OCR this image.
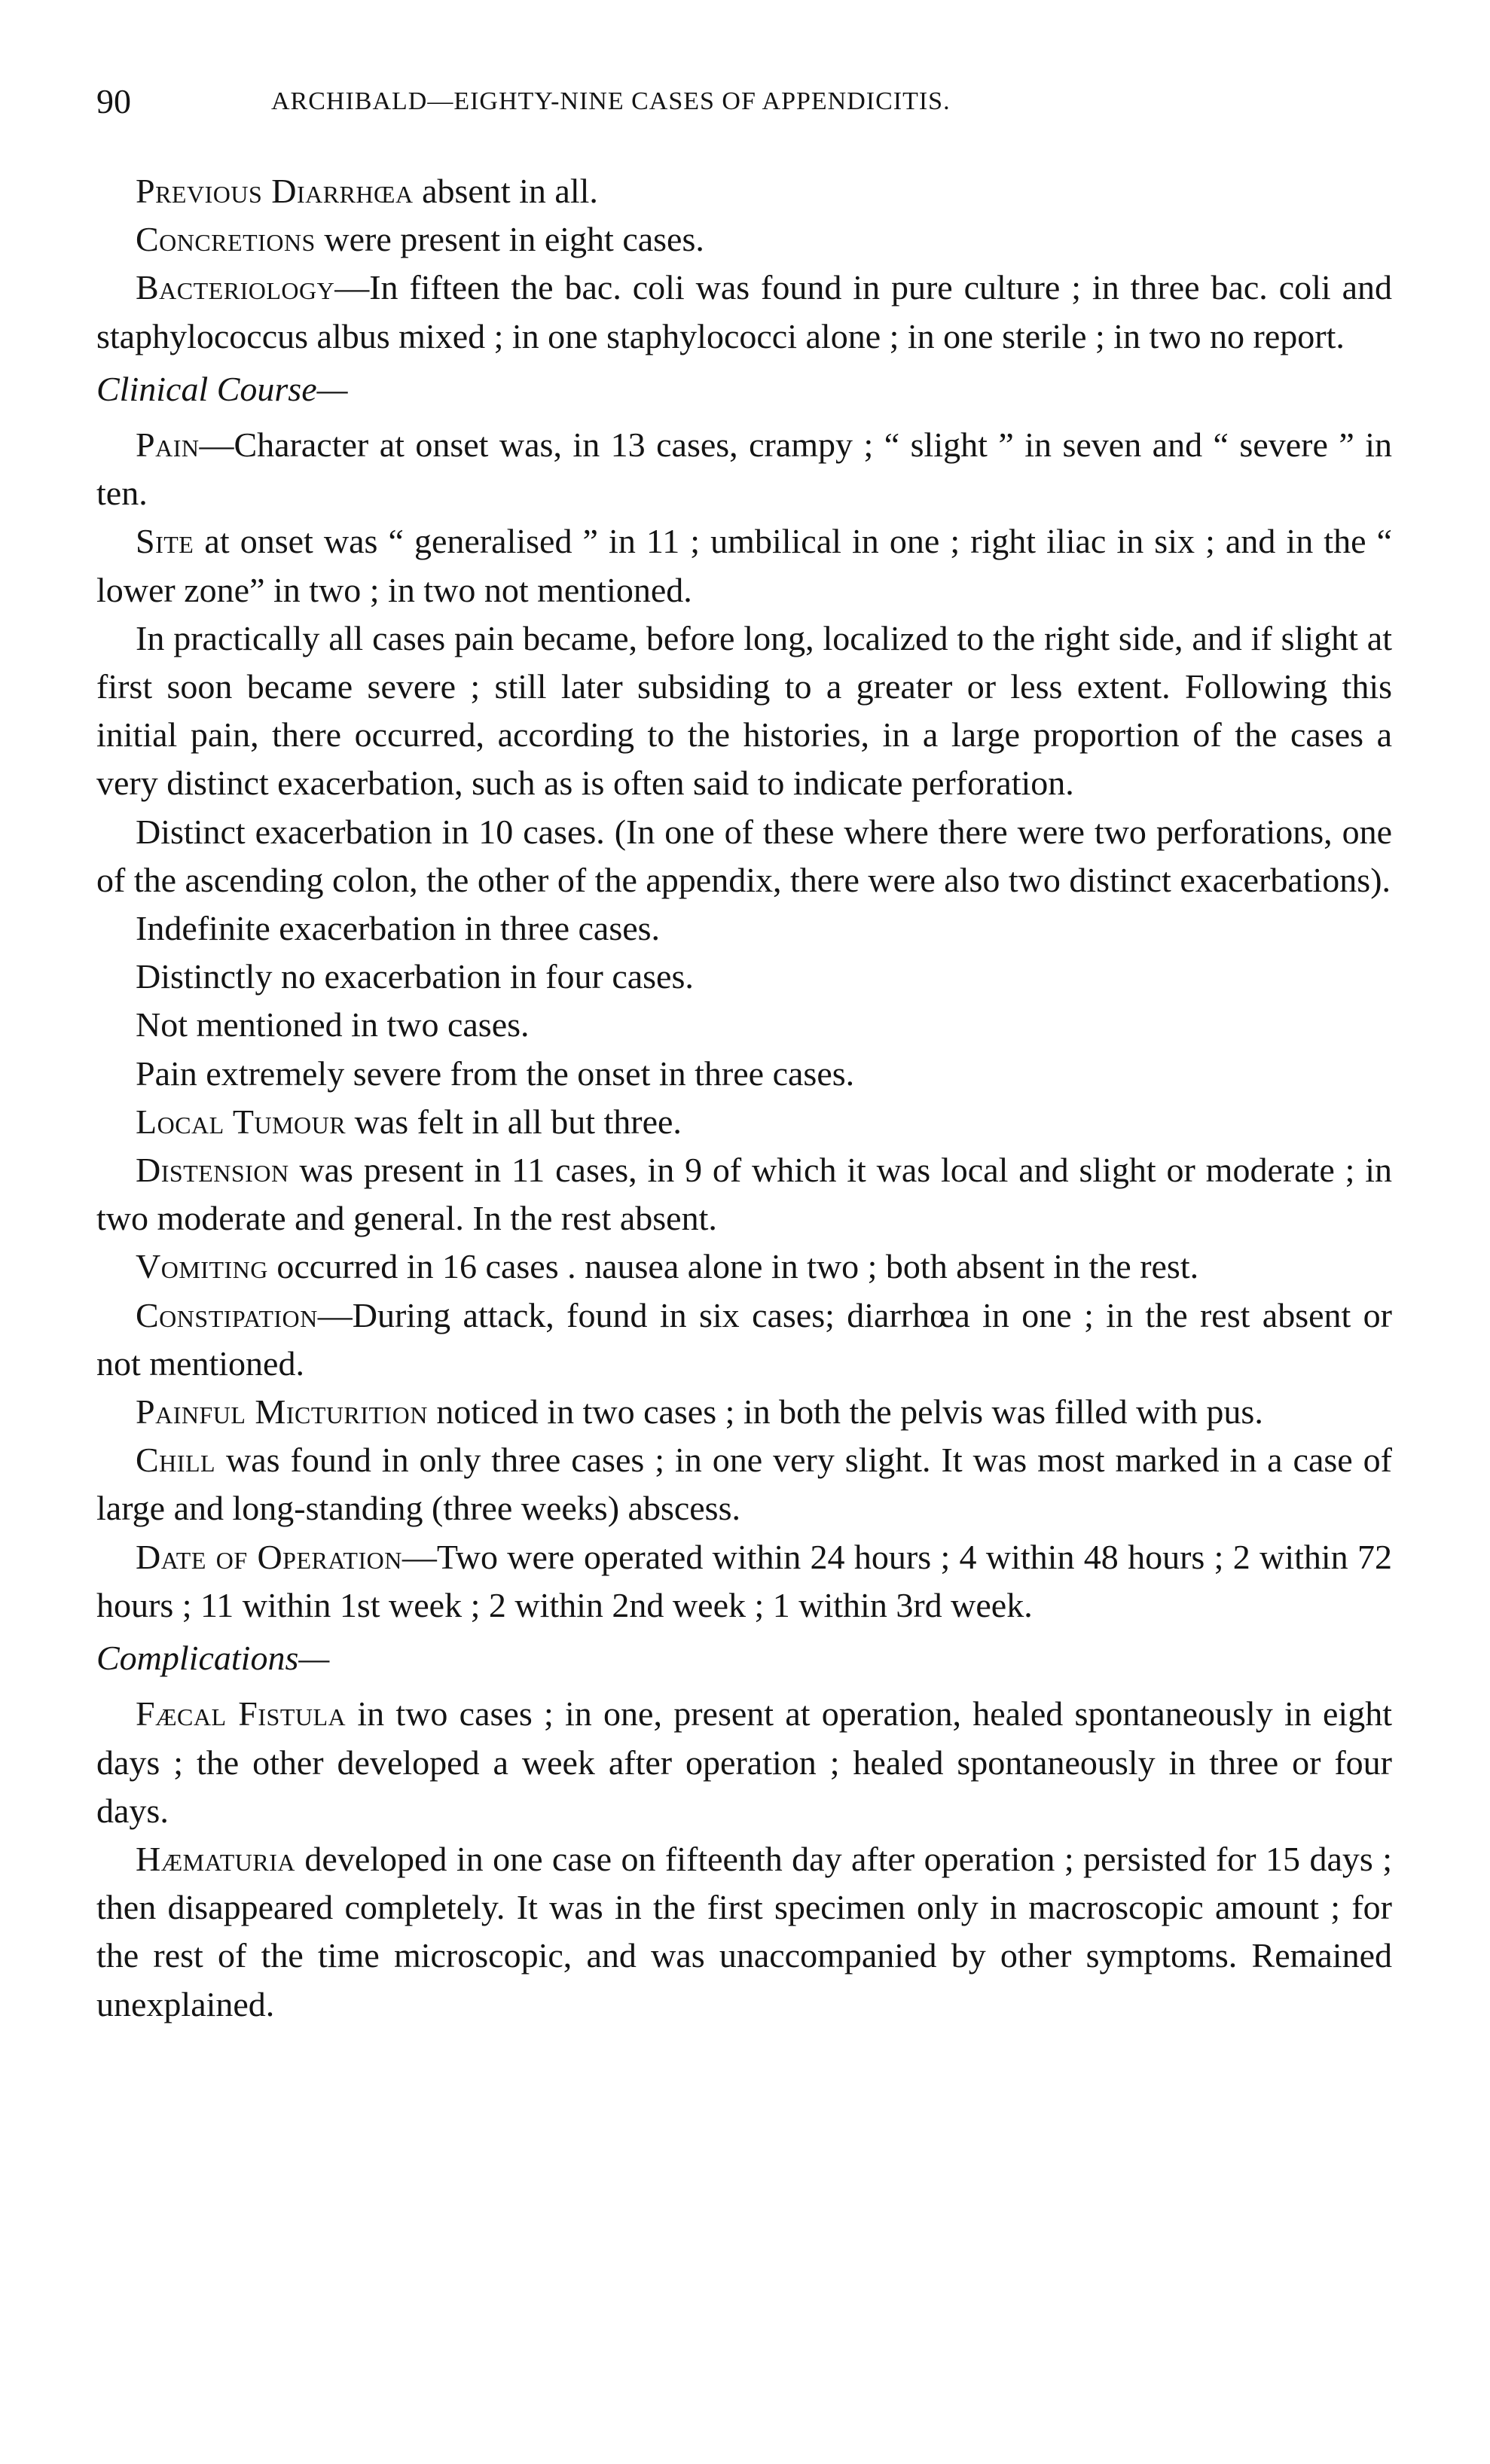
90	ARCHIBALD—EIGHTY-NINE CASES OF APPENDICITIS.

Previous Diarrhœa absent in all.

Concretions were present in eight cases.

Bacteriology—In fifteen the bac. coli was found in pure culture ; in three bac. coli and staphylococcus albus mixed ; in one staphylococci alone ; in one sterile ; in two no report.

Clinical Course—

Pain—Character at onset was, in 13 cases, crampy ; “ slight ” in seven and “ severe ” in ten.

Site at onset was “ generalised ” in 11 ; umbilical in one ; right iliac in six ; and in the “ lower zone” in two ; in two not mentioned.

In practically all cases pain became, before long, localized to the right side, and if slight at first soon became severe ; still later subsiding to a greater or less extent. Following this initial pain, there occurred, according to the histories, in a large proportion of the cases a very distinct exacerbation, such as is often said to indicate perforation.

Distinct exacerbation in 10 cases. (In one of these where there were two perforations, one of the ascending colon, the other of the appendix, there were also two distinct exacerbations).

Indefinite exacerbation in three cases.

Distinctly no exacerbation in four cases.

Not mentioned in two cases.

Pain extremely severe from the onset in three cases.

Local Tumour was felt in all but three.

Distension was present in 11 cases, in 9 of which it was local and slight or moderate ; in two moderate and general. In the rest absent.

Vomiting occurred in 16 cases . nausea alone in two ; both absent in the rest.

Constipation—During attack, found in six cases; diarrhœa in one ; in the rest absent or not mentioned.

Painful Micturition noticed in two cases ; in both the pelvis was filled with pus.

Chill was found in only three cases ; in one very slight. It was most marked in a case of large and long-standing (three weeks) abscess.

Date of Operation—Two were operated within 24 hours ; 4 within 48 hours ; 2 within 72 hours ; 11 within 1st week ; 2 within 2nd week ; 1 within 3rd week.

Complications—

Fæcal Fistula in two cases ; in one, present at operation, healed spontaneously in eight days ; the other developed a week after operation ; healed spontaneously in three or four days.

Hæmaturia developed in one case on fifteenth day after operation ; persisted for 15 days ; then disappeared completely. It was in the first specimen only in macroscopic amount ; for the rest of the time microscopic, and was unaccompanied by other symptoms. Remained unexplained.
